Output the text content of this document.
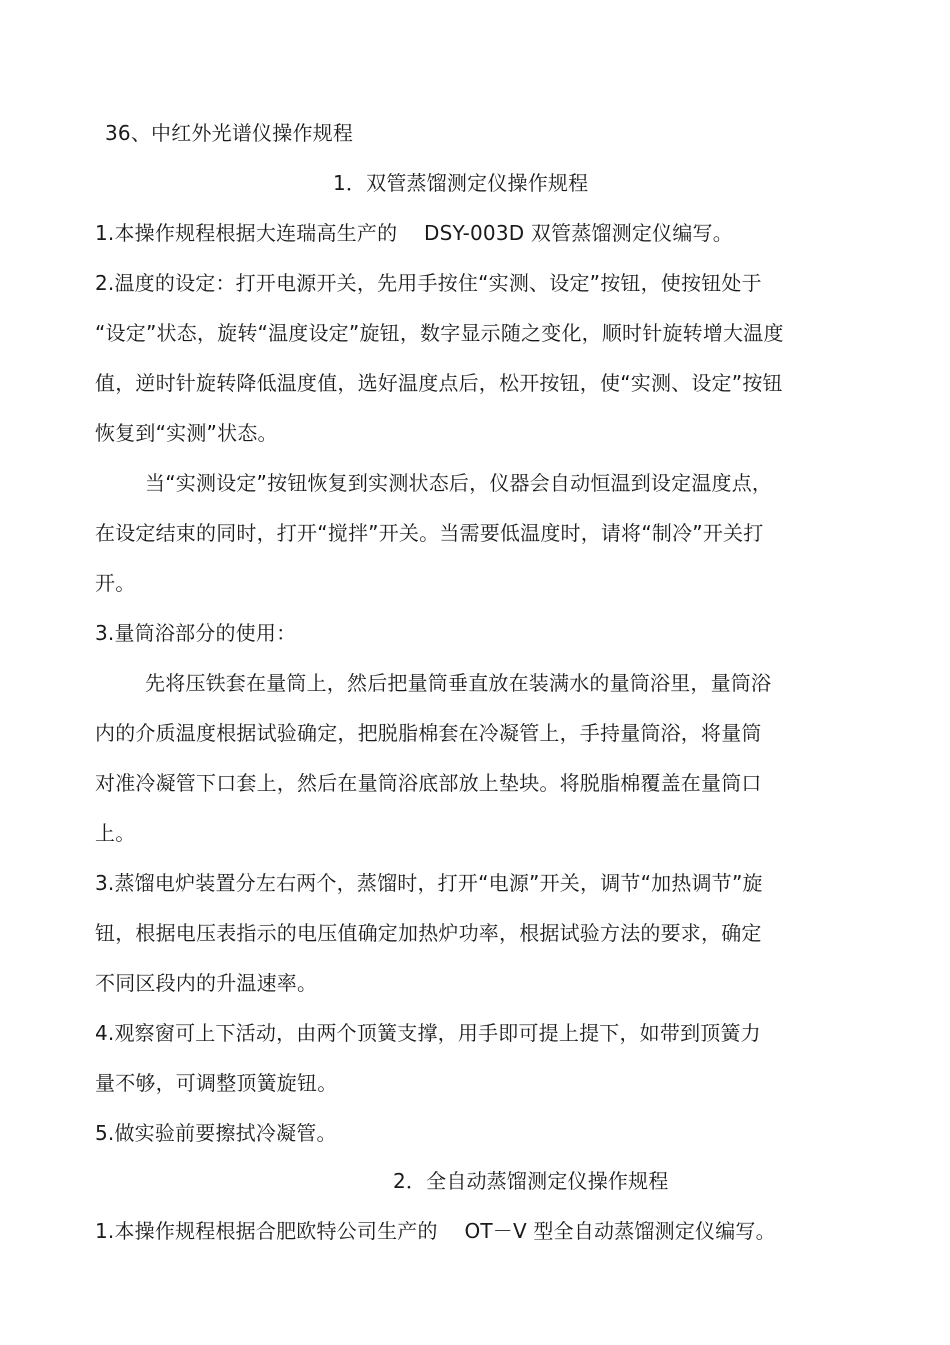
36、中红外光谱仪操作规程
1．双管蒸馏测定仪操作规程
1.本操作规程根据大连瑞高生产的　 DSY-003D 双管蒸馏测定仪编写。
2.温度的设定：打开电源开关，先用手按住“实测、设定”按钮，使按钮处于
“设定”状态，旋转“温度设定”旋钮，数字显示随之变化，顺时针旋转增大温度
值，逆时针旋转降低温度值，选好温度点后，松开按钮，使“实测、设定”按钮
恢复到“实测”状态。
当“实测设定”按钮恢复到实测状态后，仪器会自动恒温到设定温度点，
在设定结束的同时，打开“搅拌”开关。当需要低温度时，请将“制冷”开关打
开。
3.量筒浴部分的使用：
先将压铁套在量筒上，然后把量筒垂直放在装满水的量筒浴里，量筒浴
内的介质温度根据试验确定，把脱脂棉套在冷凝管上，手持量筒浴，将量筒
对准冷凝管下口套上，然后在量筒浴底部放上垫块。将脱脂棉覆盖在量筒口
上。
3.蒸馏电炉装置分左右两个，蒸馏时，打开“电源”开关，调节“加热调节”旋
钮，根据电压表指示的电压值确定加热炉功率，根据试验方法的要求，确定
不同区段内的升温速率。
4.观察窗可上下活动，由两个顶簧支撑，用手即可提上提下，如带到顶簧力
量不够，可调整顶簧旋钮。
5.做实验前要擦拭冷凝管。
2．全自动蒸馏测定仪操作规程
1.本操作规程根据合肥欧特公司生产的　 OT－V 型全自动蒸馏测定仪编写。
